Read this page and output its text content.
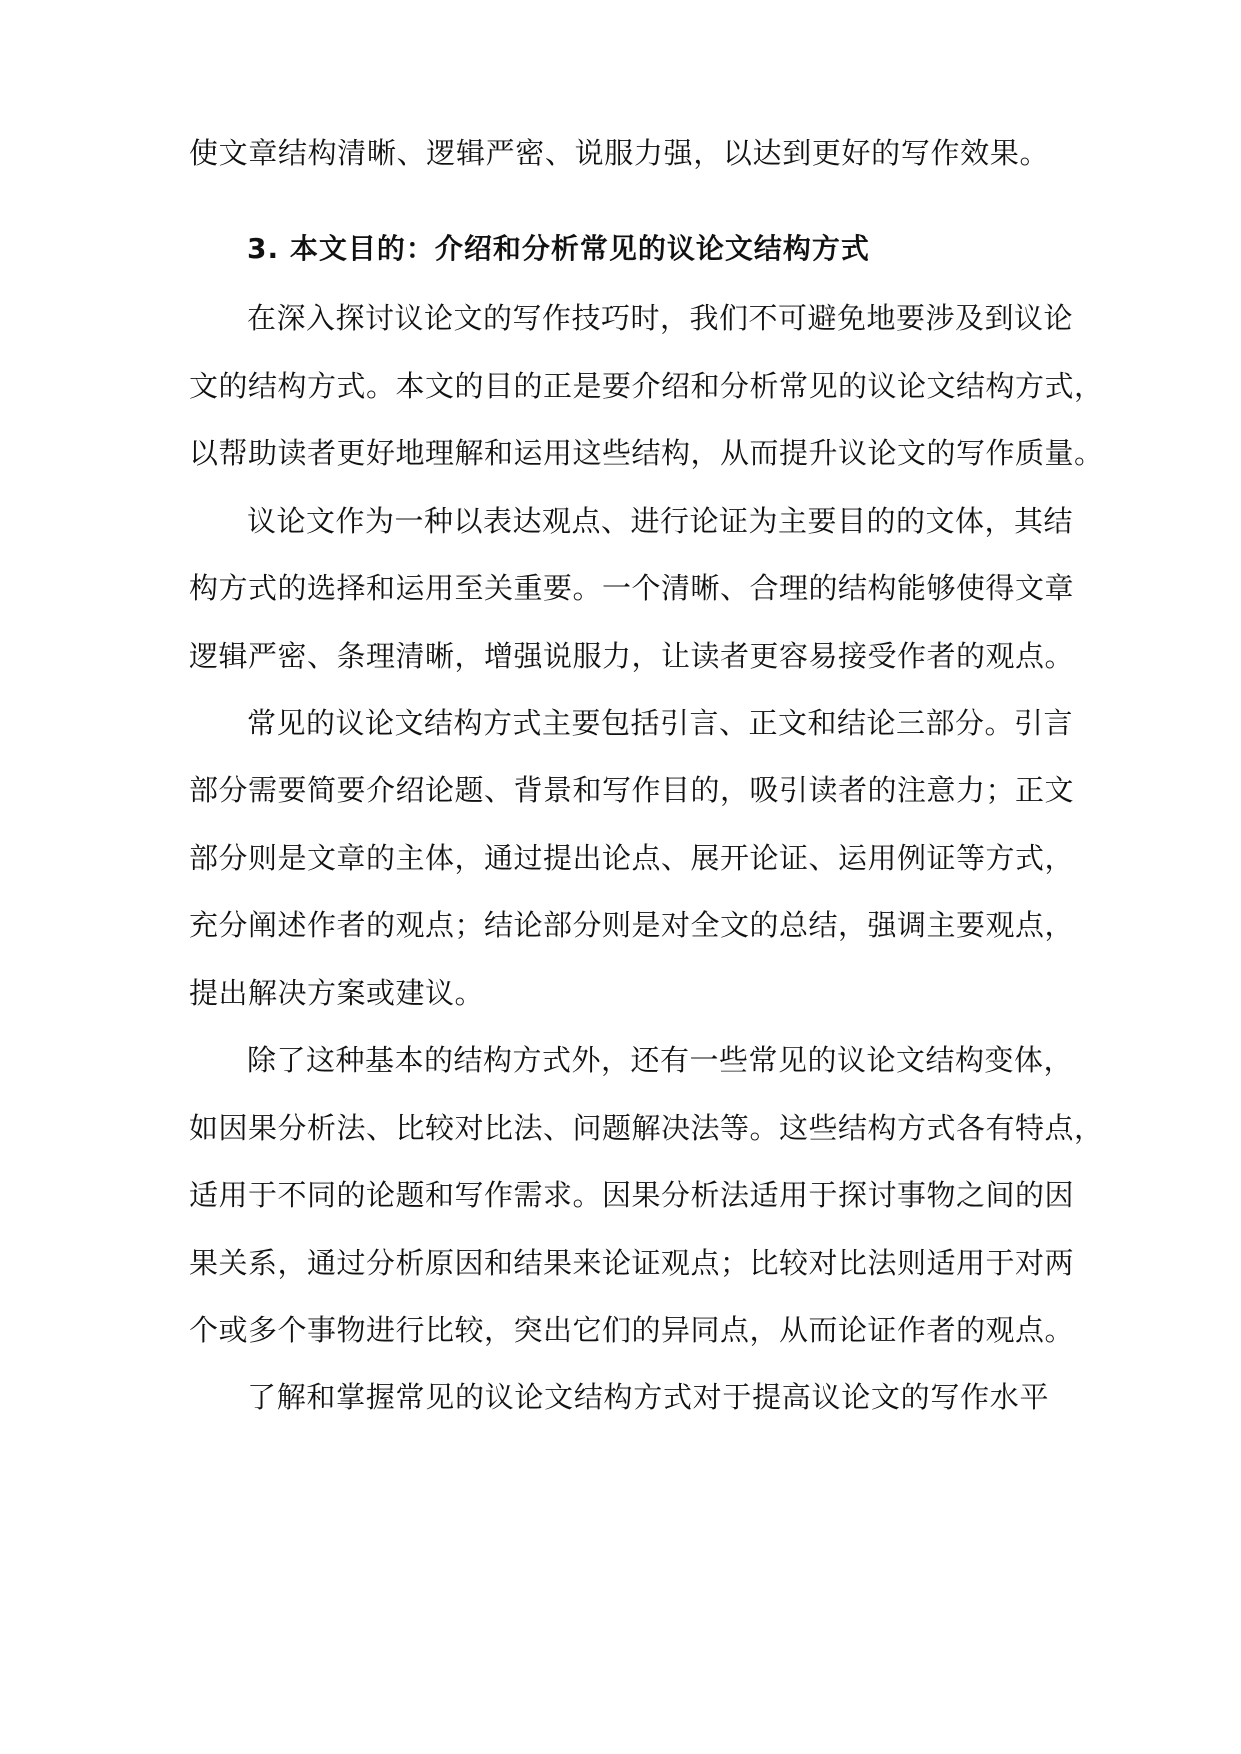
使文章结构清晰、逻辑严密、说服力强，以达到更好的写作效果。
3. 本文目的：介绍和分析常见的议论文结构方式
在深入探讨议论文的写作技巧时，我们不可避免地要涉及到议论
文的结构方式。本文的目的正是要介绍和分析常见的议论文结构方式，
以帮助读者更好地理解和运用这些结构，从而提升议论文的写作质量。
议论文作为一种以表达观点、进行论证为主要目的的文体，其结
构方式的选择和运用至关重要。一个清晰、合理的结构能够使得文章
逻辑严密、条理清晰，增强说服力，让读者更容易接受作者的观点。
常见的议论文结构方式主要包括引言、正文和结论三部分。引言
部分需要简要介绍论题、背景和写作目的，吸引读者的注意力；正文
部分则是文章的主体，通过提出论点、展开论证、运用例证等方式，
充分阐述作者的观点；结论部分则是对全文的总结，强调主要观点，
提出解决方案或建议。
除了这种基本的结构方式外，还有一些常见的议论文结构变体，
如因果分析法、比较对比法、问题解决法等。这些结构方式各有特点，
适用于不同的论题和写作需求。因果分析法适用于探讨事物之间的因
果关系，通过分析原因和结果来论证观点；比较对比法则适用于对两
个或多个事物进行比较，突出它们的异同点，从而论证作者的观点。
了解和掌握常见的议论文结构方式对于提高议论文的写作水平
